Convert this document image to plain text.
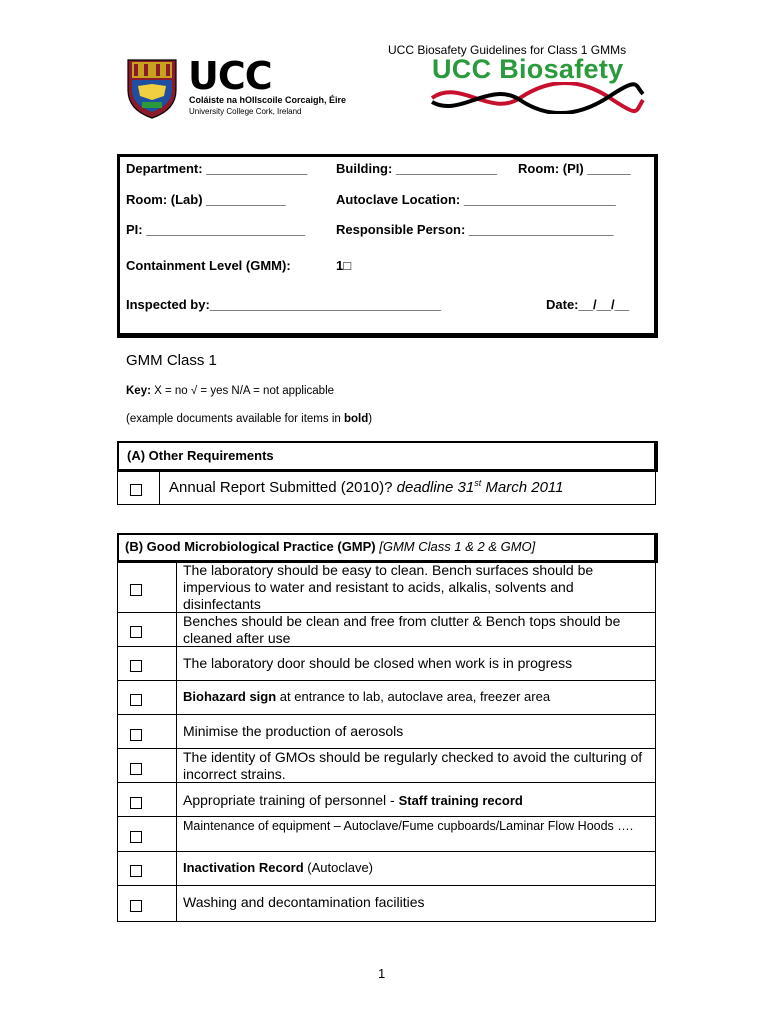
UCC Biosafety Guidelines for Class 1 GMMs
UCC
Coláiste na hOllscoile Corcaigh, Éire
University College Cork, Ireland
UCC Biosafety
Department: ______________ Building: ______________ Room: (PI) ______
Room: (Lab) ___________	Autoclave Location: _____________________
PI: ______________________ Responsible Person: ____________________
Containment Level (GMM):	1□
Inspected by:________________________________	Date:__/__/__
GMM Class 1
Key: X = no √ = yes N/A = not applicable
(example documents available for items in bold)
(A) Other Requirements
Annual Report Submitted (2010)? deadline 31st March 2011
(B) Good Microbiological Practice (GMP) [GMM Class 1 & 2 & GMO]
The laboratory should be easy to clean. Bench surfaces should be impervious to water and resistant to acids, alkalis, solvents and disinfectants
Benches should be clean and free from clutter & Bench tops should be cleaned after use
The laboratory door should be closed when work is in progress
Biohazard sign at entrance to lab, autoclave area, freezer area
Minimise the production of aerosols
The identity of GMOs should be regularly checked to avoid the culturing of incorrect strains.
Appropriate training of personnel - Staff training record
Maintenance of equipment – Autoclave/Fume cupboards/Laminar Flow Hoods ….
Inactivation Record (Autoclave)
Washing and decontamination facilities
1
